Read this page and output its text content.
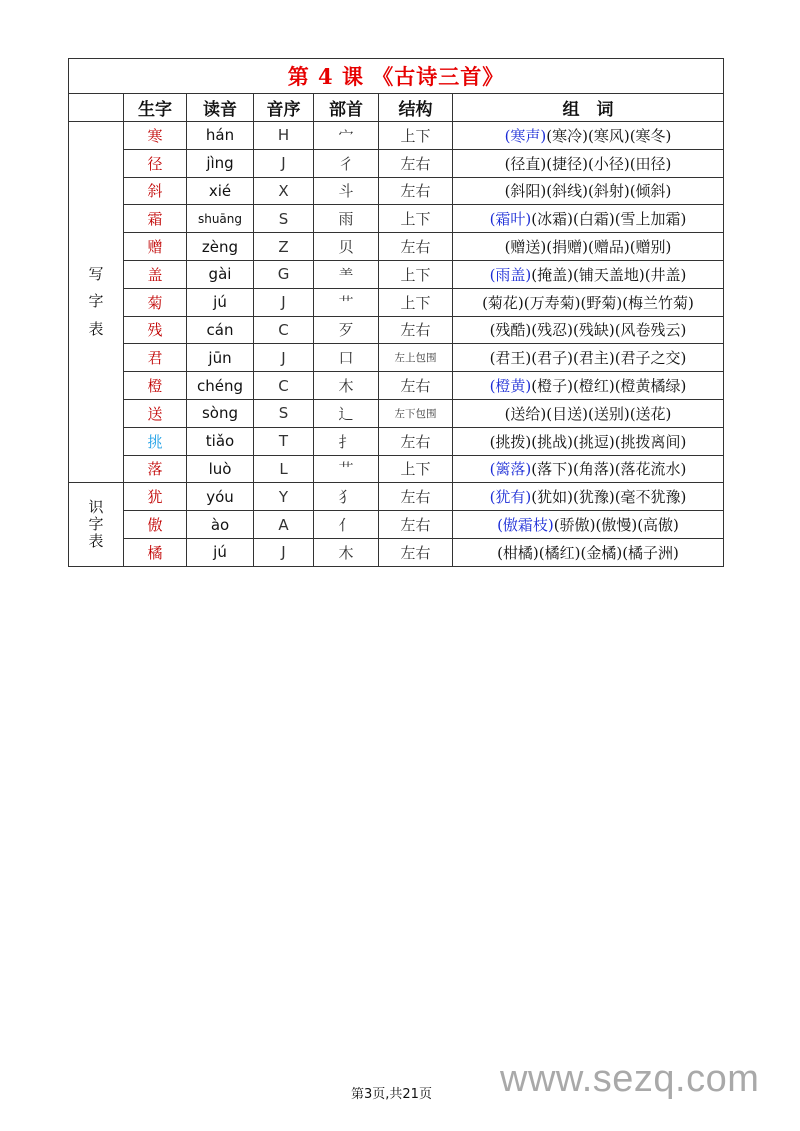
第 4 课 《古诗三首》						
	生字	读音	音序	部首	结构	组　词

写
字
表	寒	hán	H	宀	上下	(寒声)(寒冷)(寒风)(寒冬)
	径	jìng	J	彳	左右	(径直)(捷径)(小径)(田径)
	斜	xié	X	斗	左右	(斜阳)(斜线)(斜射)(倾斜)
	霜	shuāng	S	雨	上下	(霜叶)(冰霜)(白霜)(雪上加霜)
	赠	zèng	Z	贝	左右	(赠送)(捐赠)(赠品)(赠别)
	盖	gài	G	⺷	上下	(雨盖)(掩盖)(铺天盖地)(井盖)
	菊	jú	J	艹	上下	(菊花)(万寿菊)(野菊)(梅兰竹菊)
	残	cán	C	歹	左右	(残酷)(残忍)(残缺)(风卷残云)
	君	jūn	J	口	左上包围	(君王)(君子)(君主)(君子之交)
	橙	chéng	C	木	左右	(橙黄)(橙子)(橙红)(橙黄橘绿)
	送	sòng	S	辶	左下包围	(送给)(目送)(送别)(送花)
	挑	tiǎo	T	扌	左右	(挑拨)(挑战)(挑逗)(挑拨离间)
	落	luò	L	艹	上下	(篱落)(落下)(角落)(落花流水)

识
字
表	犹	yóu	Y	犭	左右	(犹有)(犹如)(犹豫)(毫不犹豫)
	傲	ào	A	亻	左右	(傲霜枝)(骄傲)(傲慢)(高傲)
	橘	jú	J	木	左右	(柑橘)(橘红)(金橘)(橘子洲)
第3页,共21页 www.sezq.com
